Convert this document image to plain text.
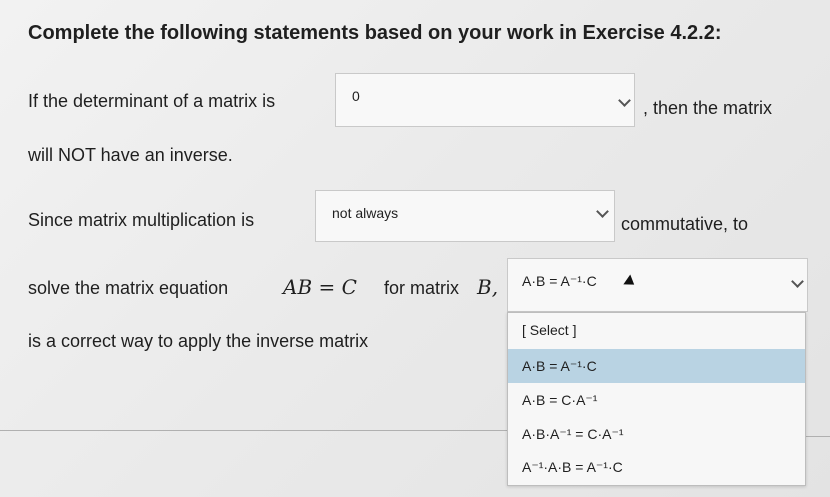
Complete the following statements based on your work in Exercise 4.2.2:
If the determinant of a matrix is	0
, then the matrix
will NOT have an inverse.
Since matrix multiplication is	not always
commutative, to
solve the matrix equation	AB = C for matrix B,
is a correct way to apply the inverse matrix
A·B = A⁻¹·C
[ Select ]
A·B = A⁻¹·C
A·B = C·A⁻¹
A·B·A⁻¹ = C·A⁻¹
A⁻¹·A·B = A⁻¹·C
